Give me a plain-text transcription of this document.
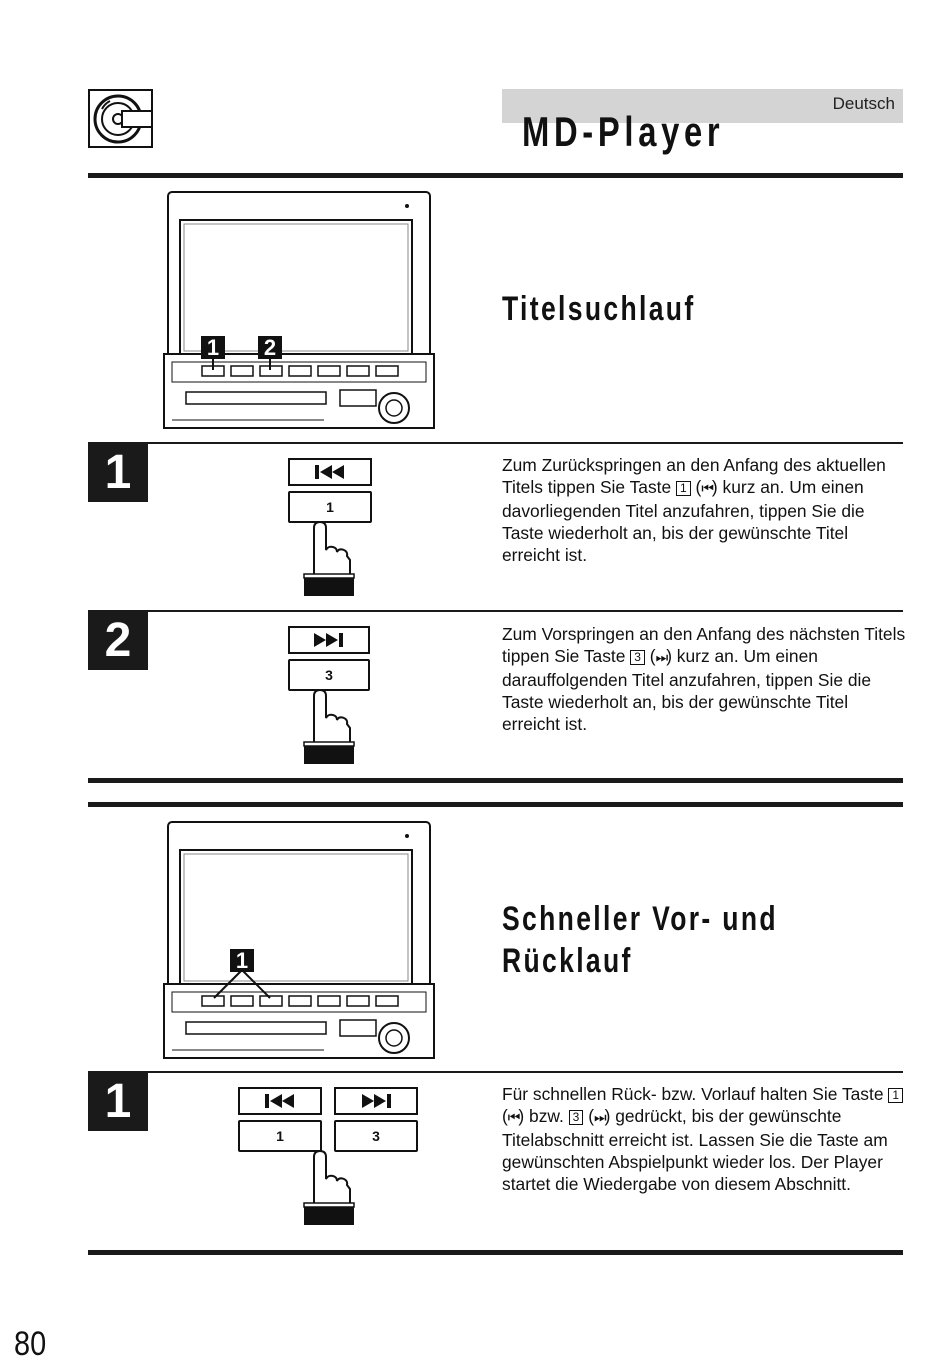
Deutsch
MD-Player
1 2
Titelsuchlauf
1
1

Zum Zurückspringen an den Anfang des aktuellen Titels tippen Sie Taste 1 (⏮) kurz an. Um einen davorliegenden Titel anzufahren, tippen Sie die Taste wiederholt an, bis der gewünschte Titel erreicht ist.

2
3

Zum Vorspringen an den Anfang des nächsten Titels tippen Sie Taste 3 (⏭) kurz an. Um einen darauffolgenden Titel anzufahren, tippen Sie die Taste wiederholt an, bis der gewünschte Titel erreicht ist.

1
Schneller Vor- und
Rücklauf
1
1	3

Für schnellen Rück- bzw. Vorlauf halten Sie Taste 1 (⏮) bzw. 3 (⏭) gedrückt, bis der gewünschte Titelabschnitt erreicht ist. Lassen Sie die Taste am gewünschten Abspielpunkt wieder los. Der Player startet die Wiedergabe von diesem Abschnitt.

80
